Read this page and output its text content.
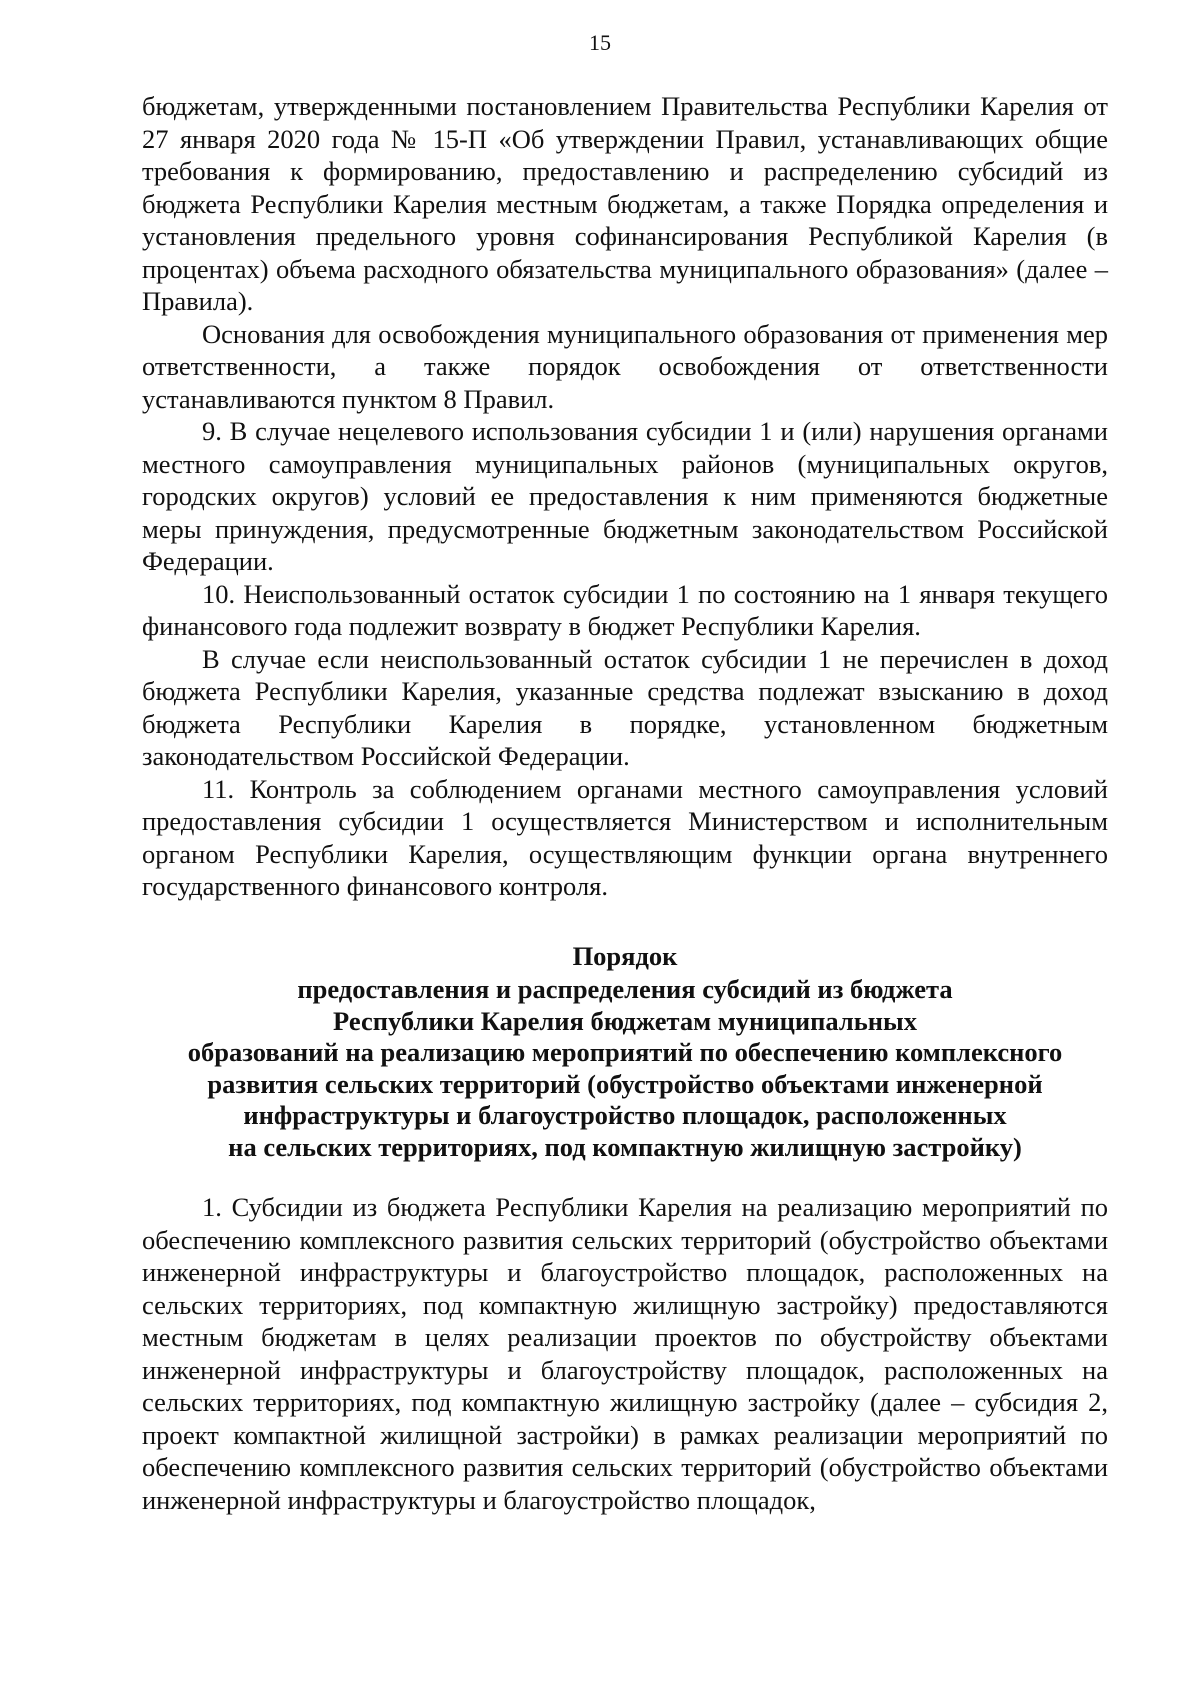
15

бюджетам, утвержденными постановлением Правительства Республики Карелия от 27 января 2020 года № 15-П «Об утверждении Правил, устанавливающих общие требования к формированию, предоставлению и распределению субсидий из бюджета Республики Карелия местным бюджетам, а также Порядка определения и установления предельного уровня софинансирования Республикой Карелия (в процентах) объема расходного обязательства муниципального образования» (далее – Правила).

Основания для освобождения муниципального образования от применения мер ответственности, а также порядок освобождения от ответственности устанавливаются пунктом 8 Правил.

9. В случае нецелевого использования субсидии 1 и (или) нарушения органами местного самоуправления муниципальных районов (муниципальных округов, городских округов) условий ее предоставления к ним применяются бюджетные меры принуждения, предусмотренные бюджетным законодательством Российской Федерации.

10. Неиспользованный остаток субсидии 1 по состоянию на 1 января текущего финансового года подлежит возврату в бюджет Республики Карелия.

В случае если неиспользованный остаток субсидии 1 не перечислен в доход бюджета Республики Карелия, указанные средства подлежат взысканию в доход бюджета Республики Карелия в порядке, установленном бюджетным законодательством Российской Федерации.

11. Контроль за соблюдением органами местного самоуправления условий предоставления субсидии 1 осуществляется Министерством и исполнительным органом Республики Карелия, осуществляющим функции органа внутреннего государственного финансового контроля.

Порядок

предоставления и распределения субсидий из бюджета

Республики Карелия бюджетам муниципальных

образований на реализацию мероприятий по обеспечению комплексного

развития сельских территорий (обустройство объектами инженерной

инфраструктуры и благоустройство площадок, расположенных

на сельских территориях, под компактную жилищную застройку)

1. Субсидии из бюджета Республики Карелия на реализацию мероприятий по обеспечению комплексного развития сельских территорий (обустройство объектами инженерной инфраструктуры и благоустройство площадок, расположенных на сельских территориях, под компактную жилищную застройку) предоставляются местным бюджетам в целях реализации проектов по обустройству объектами инженерной инфраструктуры и благоустройству площадок, расположенных на сельских территориях, под компактную жилищную застройку (далее – субсидия 2, проект компактной жилищной застройки) в рамках реализации мероприятий по обеспечению комплексного развития сельских территорий (обустройство объектами инженерной инфраструктуры и благоустройство площадок,
